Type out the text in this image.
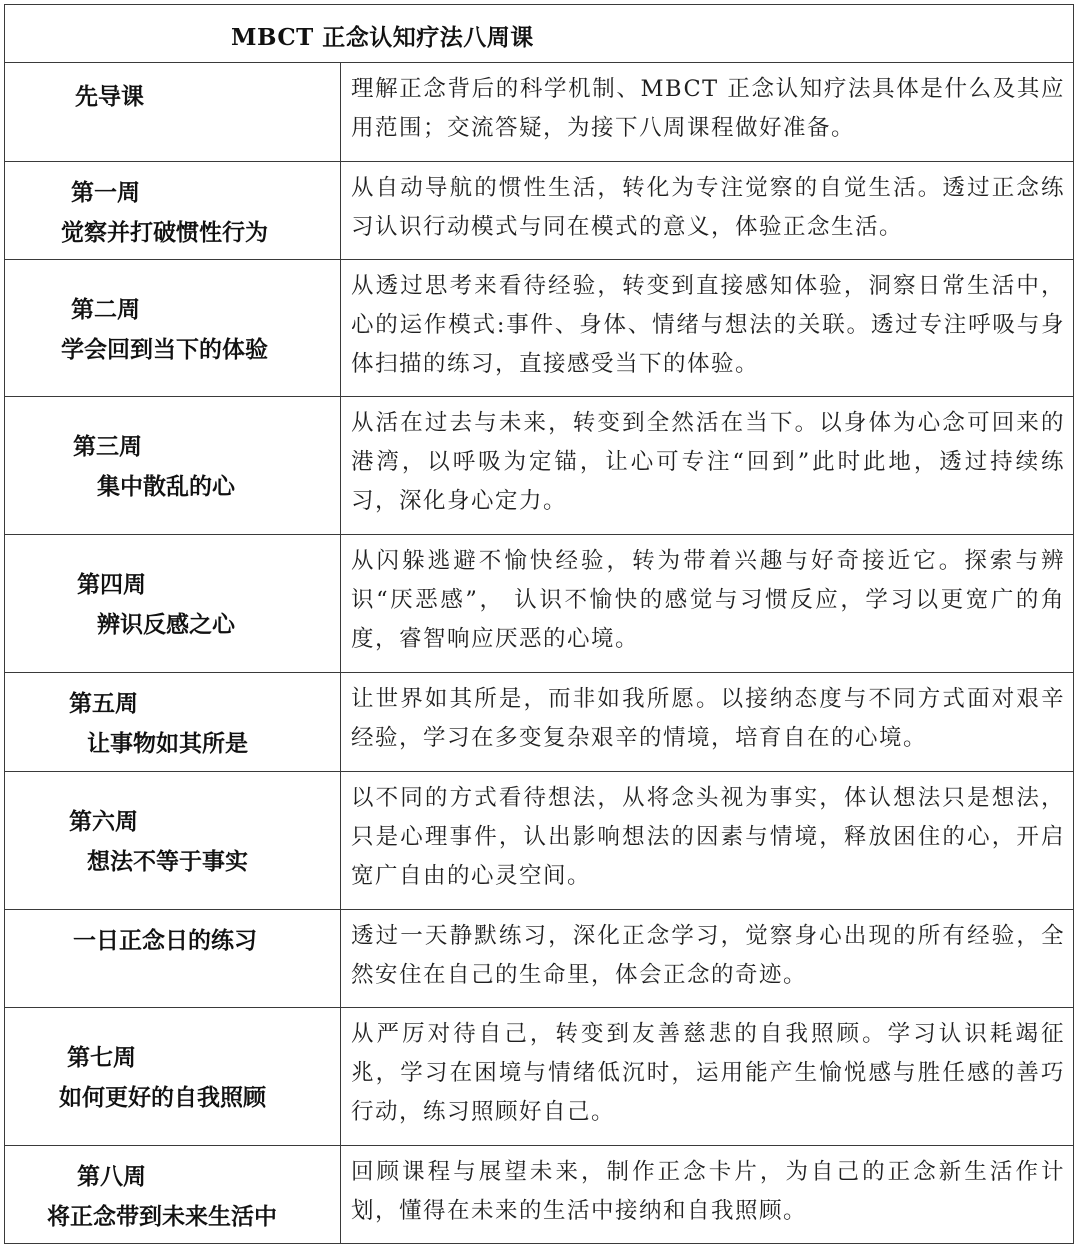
MBCT 正念认知疗法八周课	

先导课	理解正念背后的科学机制、MBCT 正念认知疗法具体是什么及其应用范围；交流答疑，为接下八周课程做好准备。

第一周
觉察并打破惯性行为	从自动导航的惯性生活，转化为专注觉察的自觉生活。透过正念练习认识行动模式与同在模式的意义，体验正念生活。

第二周
学会回到当下的体验	从透过思考来看待经验，转变到直接感知体验，洞察日常生活中，心的运作模式:事件、身体、情绪与想法的关联。透过专注呼吸与身体扫描的练习，直接感受当下的体验。

第三周
集中散乱的心	从活在过去与未来，转变到全然活在当下。以身体为心念可回来的港湾，以呼吸为定锚，让心可专注“回到”此时此地，透过持续练习，深化身心定力。

第四周
辨识反感之心	从闪躲逃避不愉快经验，转为带着兴趣与好奇接近它。探索与辨识“厌恶感”， 认识不愉快的感觉与习惯反应，学习以更宽广的角度，睿智响应厌恶的心境。

第五周
让事物如其所是	让世界如其所是，而非如我所愿。以接纳态度与不同方式面对艰辛经验，学习在多变复杂艰辛的情境，培育自在的心境。

第六周
想法不等于事实	以不同的方式看待想法，从将念头视为事实，体认想法只是想法，只是心理事件，认出影响想法的因素与情境，释放困住的心，开启宽广自由的心灵空间。

一日正念日的练习	透过一天静默练习，深化正念学习，觉察身心出现的所有经验，全然安住在自己的生命里，体会正念的奇迹。

第七周
如何更好的自我照顾	从严厉对待自己，转变到友善慈悲的自我照顾。学习认识耗竭征兆，学习在困境与情绪低沉时，运用能产生愉悦感与胜任感的善巧行动，练习照顾好自己。

第八周
将正念带到未来生活中	回顾课程与展望未来，制作正念卡片，为自己的正念新生活作计划，懂得在未来的生活中接纳和自我照顾。
